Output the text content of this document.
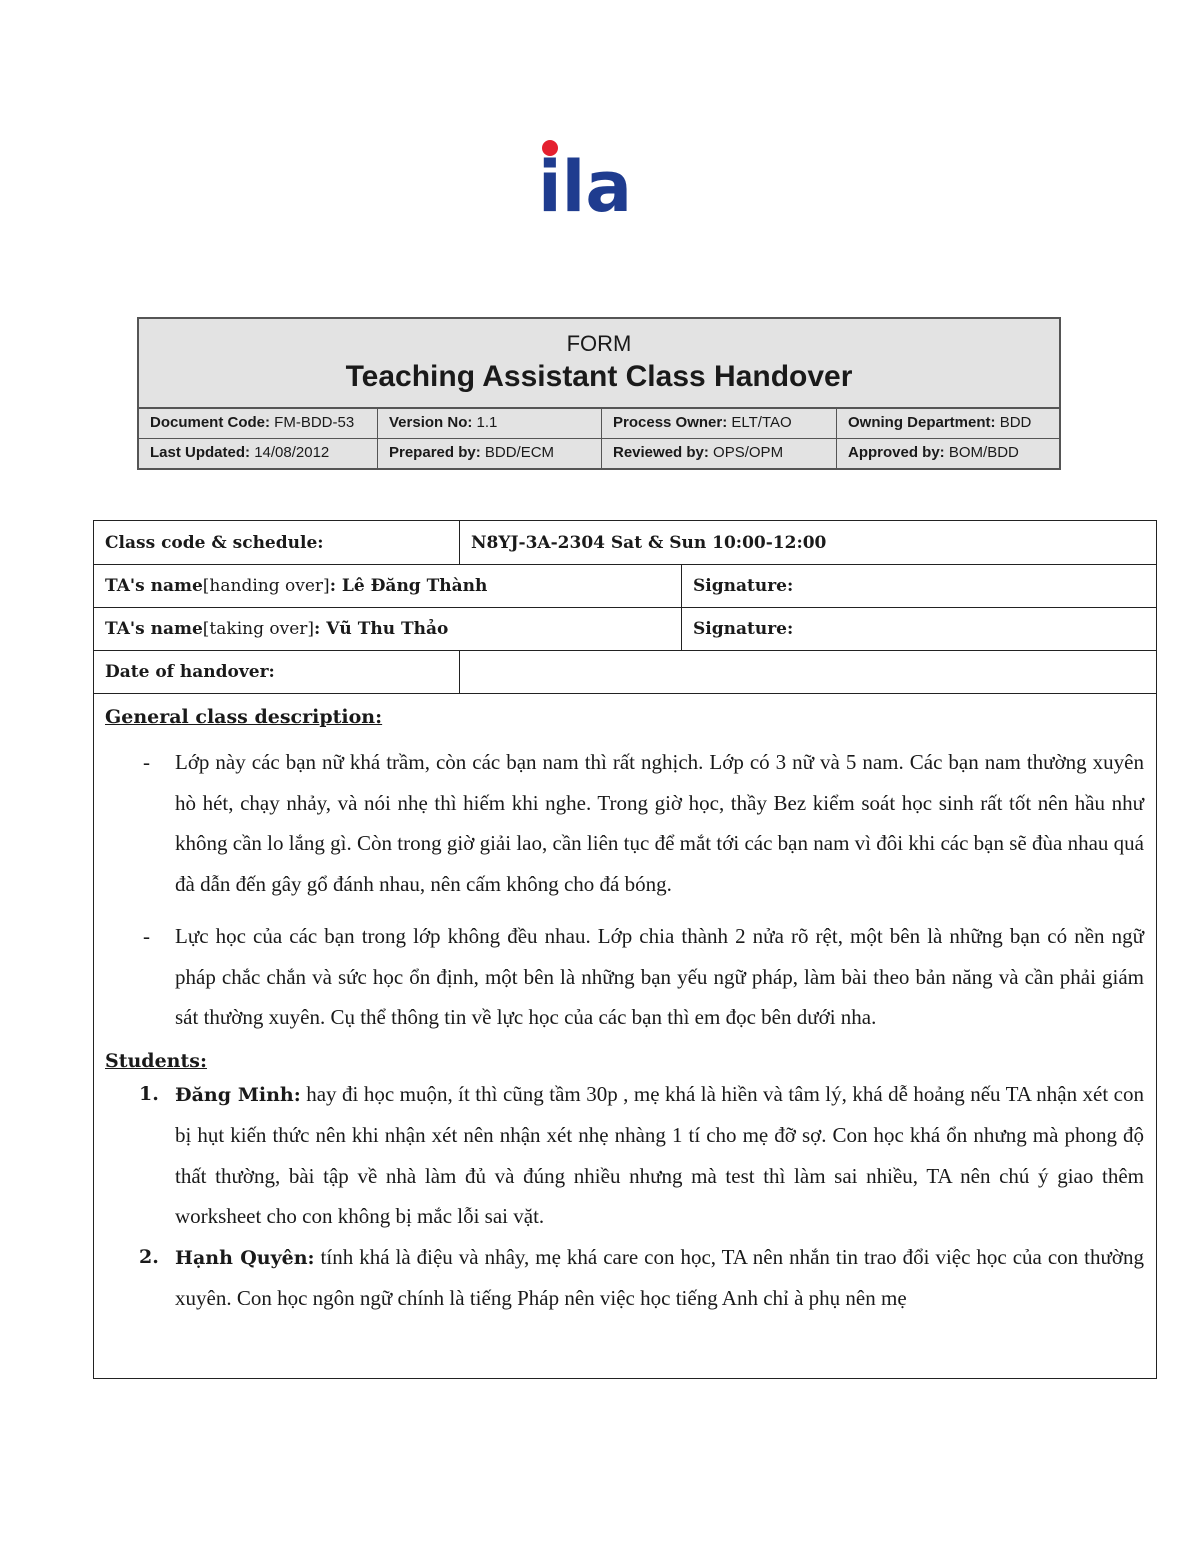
ila
FORM
Teaching Assistant Class Handover
Document Code: FM-BDD-53	Version No: 1.1	Process Owner: ELT/TAO	Owning Department: BDD
Last Updated: 14/08/2012	Prepared by: BDD/ECM	Reviewed by: OPS/OPM	Approved by: BOM/BDD
Class code & schedule:	N8YJ-3A-2304 Sat & Sun 10:00-12:00
TA's name [handing over] : Lê Đăng Thành	Signature:
TA's name [taking over] : Vũ Thu Thảo	Signature:
Date of handover:
General class description:
-	Lớp này các bạn nữ khá trầm, còn các bạn nam thì rất nghịch. Lớp có 3 nữ và 5 nam. Các bạn nam thường xuyên hò hét, chạy nhảy, và nói nhẹ thì hiếm khi nghe. Trong giờ học, thầy Bez kiểm soát học sinh rất tốt nên hầu như không cần lo lắng gì. Còn trong giờ giải lao, cần liên tục để mắt tới các bạn nam vì đôi khi các bạn sẽ đùa nhau quá đà dẫn đến gây gổ đánh nhau, nên cấm không cho đá bóng.
-	Lực học của các bạn trong lớp không đều nhau. Lớp chia thành 2 nửa rõ rệt, một bên là những bạn có nền ngữ pháp chắc chắn và sức học ổn định, một bên là những bạn yếu ngữ pháp, làm bài theo bản năng và cần phải giám sát thường xuyên. Cụ thể thông tin về lực học của các bạn thì em đọc bên dưới nha.
Students:
1. Đăng Minh: hay đi học muộn, ít thì cũng tầm 30p , mẹ khá là hiền và tâm lý, khá dễ hoảng nếu TA nhận xét con bị hụt kiến thức nên khi nhận xét nên nhận xét nhẹ nhàng 1 tí cho mẹ đỡ sợ. Con học khá ổn nhưng mà phong độ thất thường, bài tập về nhà làm đủ và đúng nhiều nhưng mà test thì làm sai nhiều, TA nên chú ý giao thêm worksheet cho con không bị mắc lỗi sai vặt.
2. Hạnh Quyên: tính khá là điệu và nhây, mẹ khá care con học, TA nên nhắn tin trao đổi việc học của con thường xuyên. Con học ngôn ngữ chính là tiếng Pháp nên việc học tiếng Anh chỉ à phụ nên mẹ
